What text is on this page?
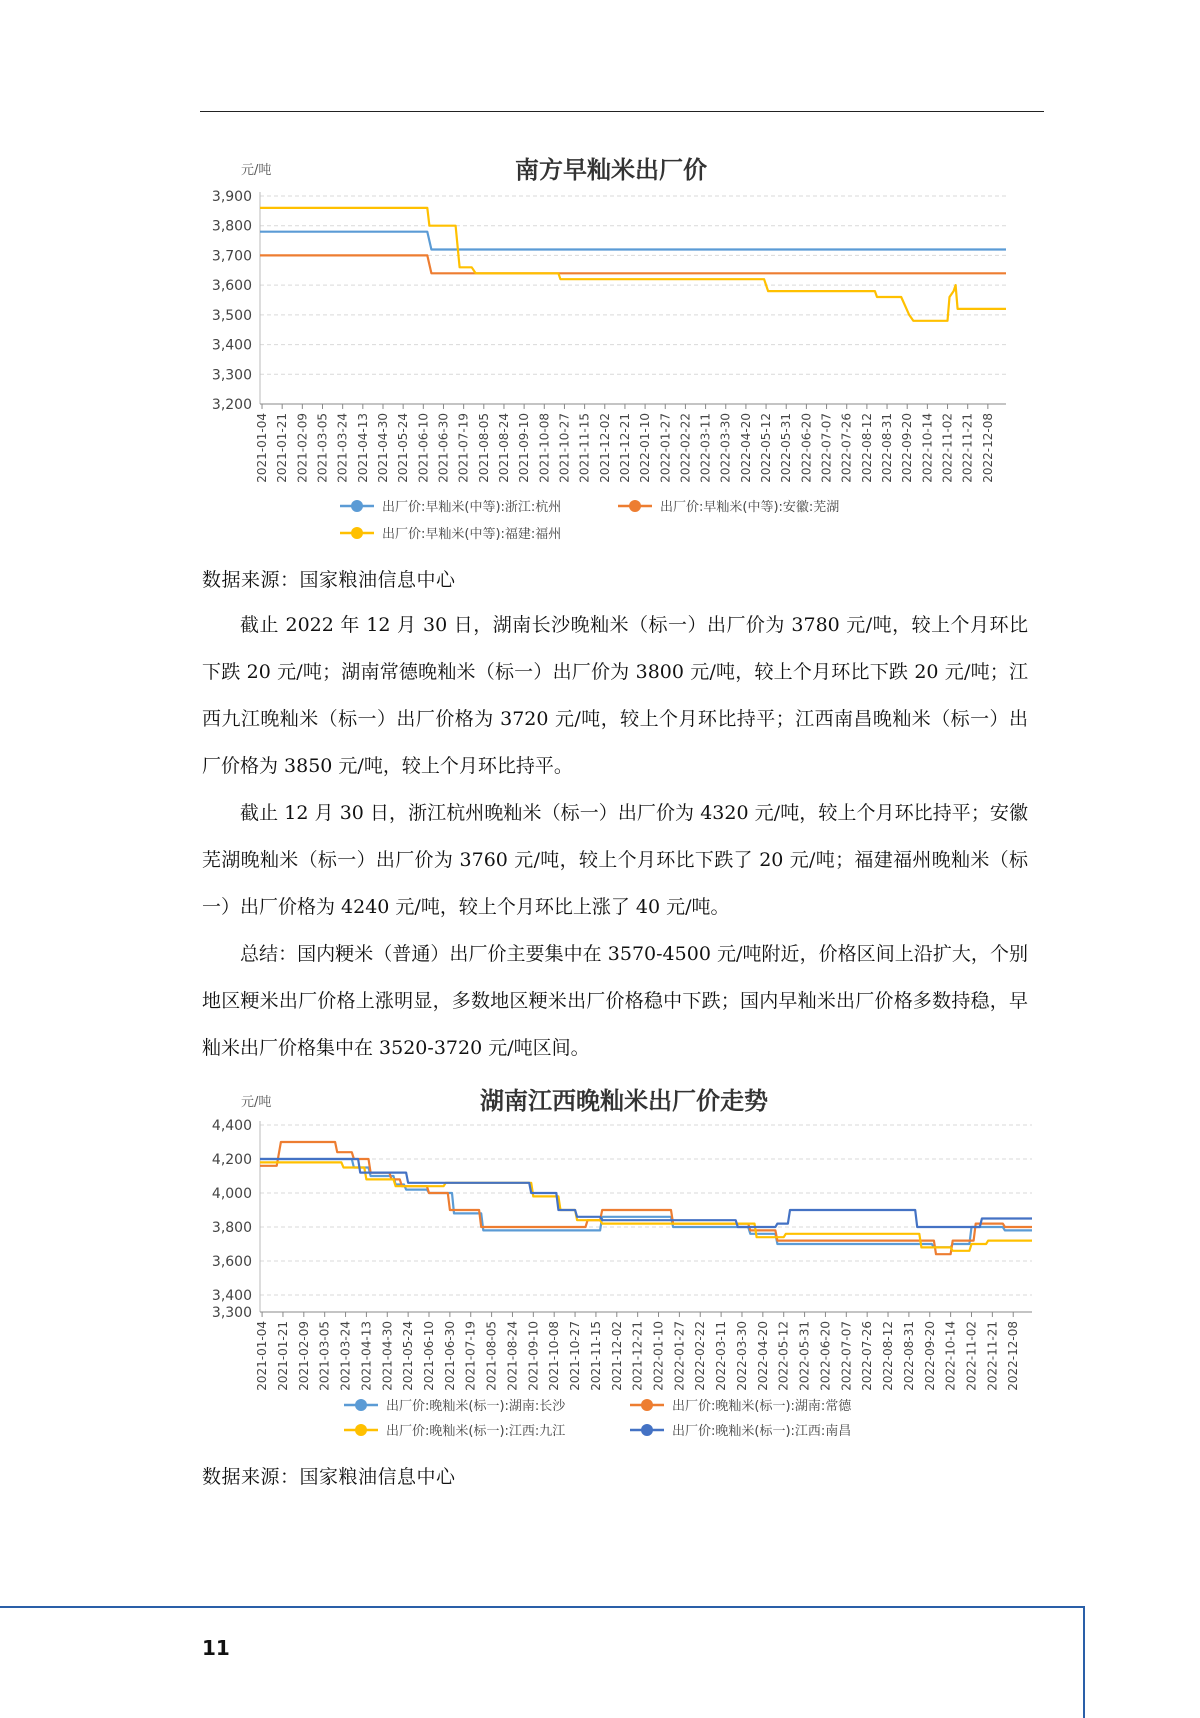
南方早籼米出厂价
元/吨
3,900
3,800
3,700
3,600
3,500
3,400
3,300
3,200
2021-01-04 2021-01-21 2021-02-09 2021-03-05 2021-03-24 2021-04-13 2021-04-30 2021-05-24 2021-06-10 2021-06-30 2021-07-19 2021-08-05 2021-08-24 2021-09-10 2021-10-08 2021-10-27 2021-11-15 2021-12-02 2021-12-21 2022-01-10 2022-01-27 2022-02-22 2022-03-11 2022-03-30 2022-04-20 2022-05-12 2022-05-31 2022-06-20 2022-07-07 2022-07-26 2022-08-12 2022-08-31 2022-09-20 2022-10-14 2022-11-02 2022-11-21 2022-12-08
出厂价:早籼米(中等):浙江:杭州	出厂价:早籼米(中等):安徽:芜湖
出厂价:早籼米(中等):福建:福州
数据来源：国家粮油信息中心

截止 2022 年 12 月 30 日，湖南长沙晚籼米（标一）出厂价为 3780 元/吨，较上个月环比下跌 20 元/吨；湖南常德晚籼米（标一）出厂价为 3800 元/吨，较上个月环比下跌 20 元/吨；江西九江晚籼米（标一）出厂价格为 3720 元/吨，较上个月环比持平；江西南昌晚籼米（标一）出厂价格为 3850 元/吨，较上个月环比持平。

截止 12 月 30 日，浙江杭州晚籼米（标一）出厂价为 4320 元/吨，较上个月环比持平；安徽芜湖晚籼米（标一）出厂价为 3760 元/吨，较上个月环比下跌了 20 元/吨；福建福州晚籼米（标一）出厂价格为 4240 元/吨，较上个月环比上涨了 40 元/吨。

总结：国内粳米（普通）出厂价主要集中在 3570-4500 元/吨附近，价格区间上沿扩大，个别地区粳米出厂价格上涨明显，多数地区粳米出厂价格稳中下跌；国内早籼米出厂价格多数持稳，早籼米出厂价格集中在 3520-3720 元/吨区间。

湖南江西晚籼米出厂价走势
元/吨
4,400
4,200
4,000
3,800
3,600
3,400
3,300
2021-01-04 2021-01-21 2021-02-09 2021-03-05 2021-03-24 2021-04-13 2021-04-30 2021-05-24 2021-06-10 2021-06-30 2021-07-19 2021-08-05 2021-08-24 2021-09-10 2021-10-08 2021-10-27 2021-11-15 2021-12-02 2021-12-21 2022-01-10 2022-01-27 2022-02-22 2022-03-11 2022-03-30 2022-04-20 2022-05-12 2022-05-31 2022-06-20 2022-07-07 2022-07-26 2022-08-12 2022-08-31 2022-09-20 2022-10-14 2022-11-02 2022-11-21 2022-12-08
出厂价:晚籼米(标一):湖南:长沙	出厂价:晚籼米(标一):湖南:常德
出厂价:晚籼米(标一):江西:九江	出厂价:晚籼米(标一):江西:南昌
数据来源：国家粮油信息中心
11
